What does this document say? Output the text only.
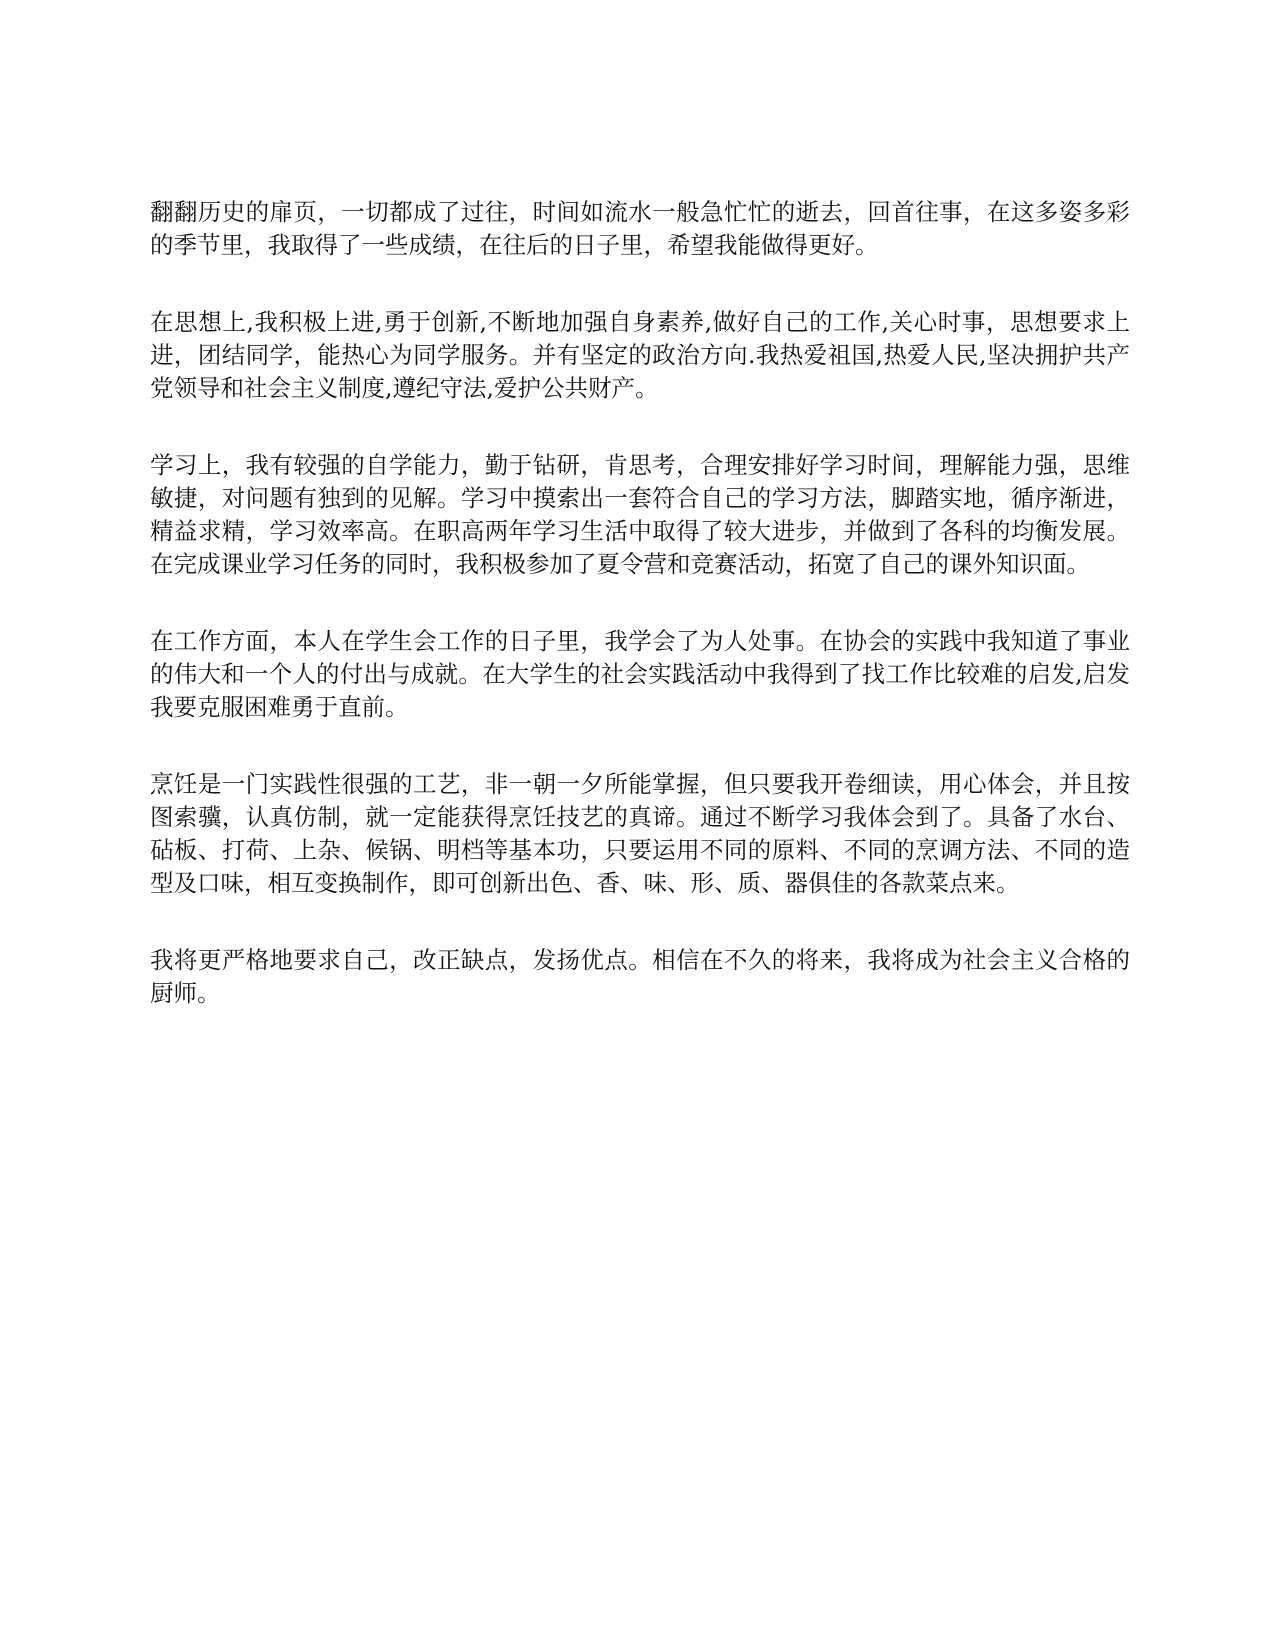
翻翻历史的扉页，一切都成了过往，时间如流水一般急忙忙的逝去，回首往事，在这多姿多彩的季节里，我取得了一些成绩，在往后的日子里，希望我能做得更好。

在思想上,我积极上进,勇于创新,不断地加强自身素养,做好自己的工作,关心时事，思想要求上进，团结同学，能热心为同学服务。并有坚定的政治方向.我热爱祖国,热爱人民,坚决拥护共产党领导和社会主义制度,遵纪守法,爱护公共财产。

学习上，我有较强的自学能力，勤于钻研，肯思考，合理安排好学习时间，理解能力强，思维敏捷，对问题有独到的见解。学习中摸索出一套符合自己的学习方法，脚踏实地，循序渐进，精益求精，学习效率高。在职高两年学习生活中取得了较大进步，并做到了各科的均衡发展。在完成课业学习任务的同时，我积极参加了夏令营和竞赛活动，拓宽了自己的课外知识面。

在工作方面，本人在学生会工作的日子里，我学会了为人处事。在协会的实践中我知道了事业的伟大和一个人的付出与成就。在大学生的社会实践活动中我得到了找工作比较难的启发,启发我要克服困难勇于直前。

烹饪是一门实践性很强的工艺，非一朝一夕所能掌握，但只要我开卷细读，用心体会，并且按图索骥，认真仿制，就一定能获得烹饪技艺的真谛。通过不断学习我体会到了。具备了水台、砧板、打荷、上杂、候锅、明档等基本功，只要运用不同的原料、不同的烹调方法、不同的造型及口味，相互变换制作，即可创新出色、香、味、形、质、器俱佳的各款菜点来。

我将更严格地要求自己，改正缺点，发扬优点。相信在不久的将来，我将成为社会主义合格的厨师。
